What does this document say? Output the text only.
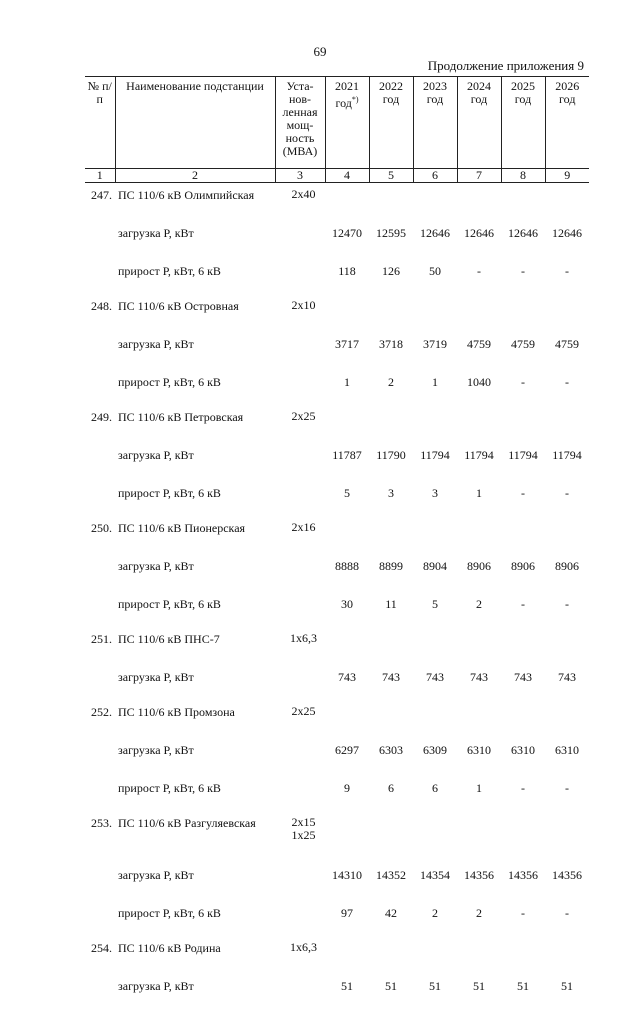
69
Продолжение приложения 9
№ п/п	Наименование подстанции	Уста-нов-ленная мощ-ность (МВА)	2021 год*)	2022 год	2023 год	2024 год	2025 год	2026 год
1	2	3	4	5	6	7	8	9
247.	ПС 110/6 кВ Олимпийская	2x40						
	загрузка Р, кВт		12470	12595	12646	12646	12646	12646
	прирост Р, кВт, 6 кВ		118	126	50	-	-	-
248.	ПС 110/6 кВ Островная	2x10						
	загрузка Р, кВт		3717	3718	3719	4759	4759	4759
	прирост Р, кВт, 6 кВ		1	2	1	1040	-	-
249.	ПС 110/6 кВ Петровская	2x25						
	загрузка Р, кВт		11787	11790	11794	11794	11794	11794
	прирост Р, кВт, 6 кВ		5	3	3	1	-	-
250.	ПС 110/6 кВ Пионерская	2x16						
	загрузка Р, кВт		8888	8899	8904	8906	8906	8906
	прирост Р, кВт, 6 кВ		30	11	5	2	-	-
251.	ПС 110/6 кВ ПНС-7	1x6,3						
	загрузка Р, кВт		743	743	743	743	743	743
252.	ПС 110/6 кВ Промзона	2x25						
	загрузка Р, кВт		6297	6303	6309	6310	6310	6310
	прирост Р, кВт, 6 кВ		9	6	6	1	-	-
253.	ПС 110/6 кВ Разгуляевская	2x15
1x25						
	загрузка Р, кВт		14310	14352	14354	14356	14356	14356
	прирост Р, кВт, 6 кВ		97	42	2	2	-	-
254.	ПС 110/6 кВ Родина	1x6,3						
	загрузка Р, кВт		51	51	51	51	51	51
